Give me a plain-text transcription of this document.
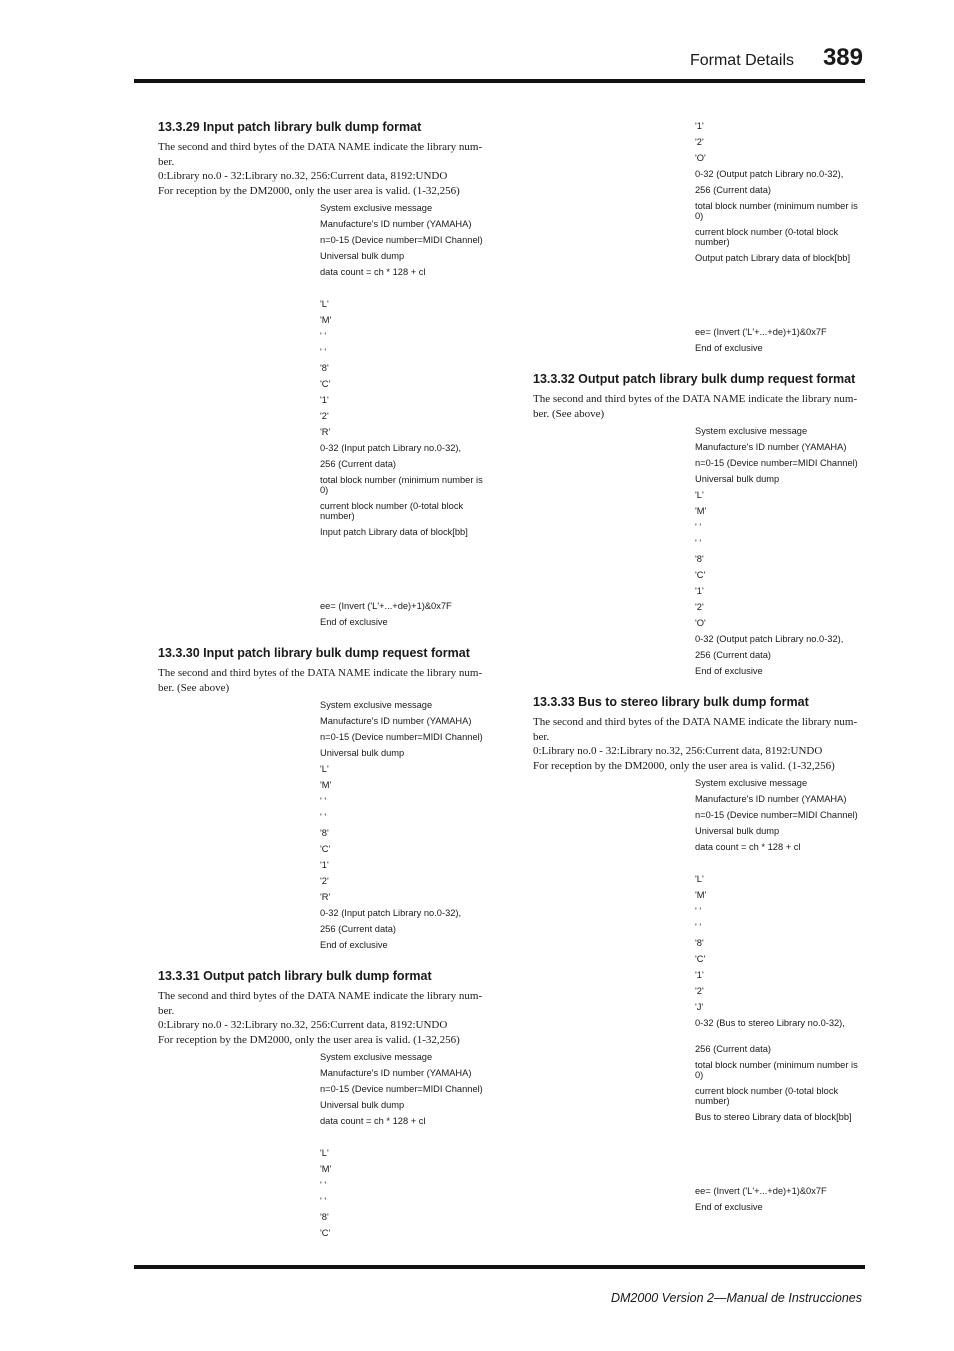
Format Details 389
13.3.29 Input patch library bulk dump format
The second and third bytes of the DATA NAME indicate the library num-ber.
0:Library no.0 - 32:Library no.32, 256:Current data, 8192:UNDO
For reception by the DM2000, only the user area is valid. (1-32,256)
System exclusive message
Manufacture's ID number (YAMAHA)
n=0-15 (Device number=MIDI Channel)
Universal bulk dump
data count = ch * 128 + cl
'L'
'M'
' '
' '
'8'
'C'
'1'
'2'
'R'
0-32 (Input patch Library no.0-32),
256 (Current data)
total block number (minimum number is 0)
current block number (0-total block number)
Input patch Library data of block[bb]
ee= (Invert ('L'+...+de)+1)&0x7F
End of exclusive
13.3.30 Input patch library bulk dump request format
The second and third bytes of the DATA NAME indicate the library num-ber. (See above)
System exclusive message
Manufacture's ID number (YAMAHA)
n=0-15 (Device number=MIDI Channel)
Universal bulk dump
'L'
'M'
' '
' '
'8'
'C'
'1'
'2'
'R'
0-32 (Input patch Library no.0-32),
256 (Current data)
End of exclusive
13.3.31 Output patch library bulk dump format
The second and third bytes of the DATA NAME indicate the library num-ber.
0:Library no.0 - 32:Library no.32, 256:Current data, 8192:UNDO
For reception by the DM2000, only the user area is valid. (1-32,256)
System exclusive message
Manufacture's ID number (YAMAHA)
n=0-15 (Device number=MIDI Channel)
Universal bulk dump
data count = ch * 128 + cl
'L'
'M'
' '
' '
'8'
'C'
'1'
'2'
'O'
0-32 (Output patch Library no.0-32),
256 (Current data)
total block number (minimum number is 0)
current block number (0-total block number)
Output patch Library data of block[bb]
ee= (Invert ('L'+...+de)+1)&0x7F
End of exclusive
13.3.32 Output patch library bulk dump request format
The second and third bytes of the DATA NAME indicate the library num-ber. (See above)
System exclusive message
Manufacture's ID number (YAMAHA)
n=0-15 (Device number=MIDI Channel)
Universal bulk dump
'L'
'M'
' '
' '
'8'
'C'
'1'
'2'
'O'
0-32 (Output patch Library no.0-32),
256 (Current data)
End of exclusive
13.3.33 Bus to stereo library bulk dump format
The second and third bytes of the DATA NAME indicate the library num-ber.
0:Library no.0 - 32:Library no.32, 256:Current data, 8192:UNDO
For reception by the DM2000, only the user area is valid. (1-32,256)
System exclusive message
Manufacture's ID number (YAMAHA)
n=0-15 (Device number=MIDI Channel)
Universal bulk dump
data count = ch * 128 + cl
'L'
'M'
' '
' '
'8'
'C'
'1'
'2'
'J'
0-32 (Bus to stereo Library no.0-32),
256 (Current data)
total block number (minimum number is 0)
current block number (0-total block number)
Bus to stereo Library data of block[bb]
ee= (Invert ('L'+...+de)+1)&0x7F
End of exclusive
DM2000 Version 2—Manual de Instrucciones
